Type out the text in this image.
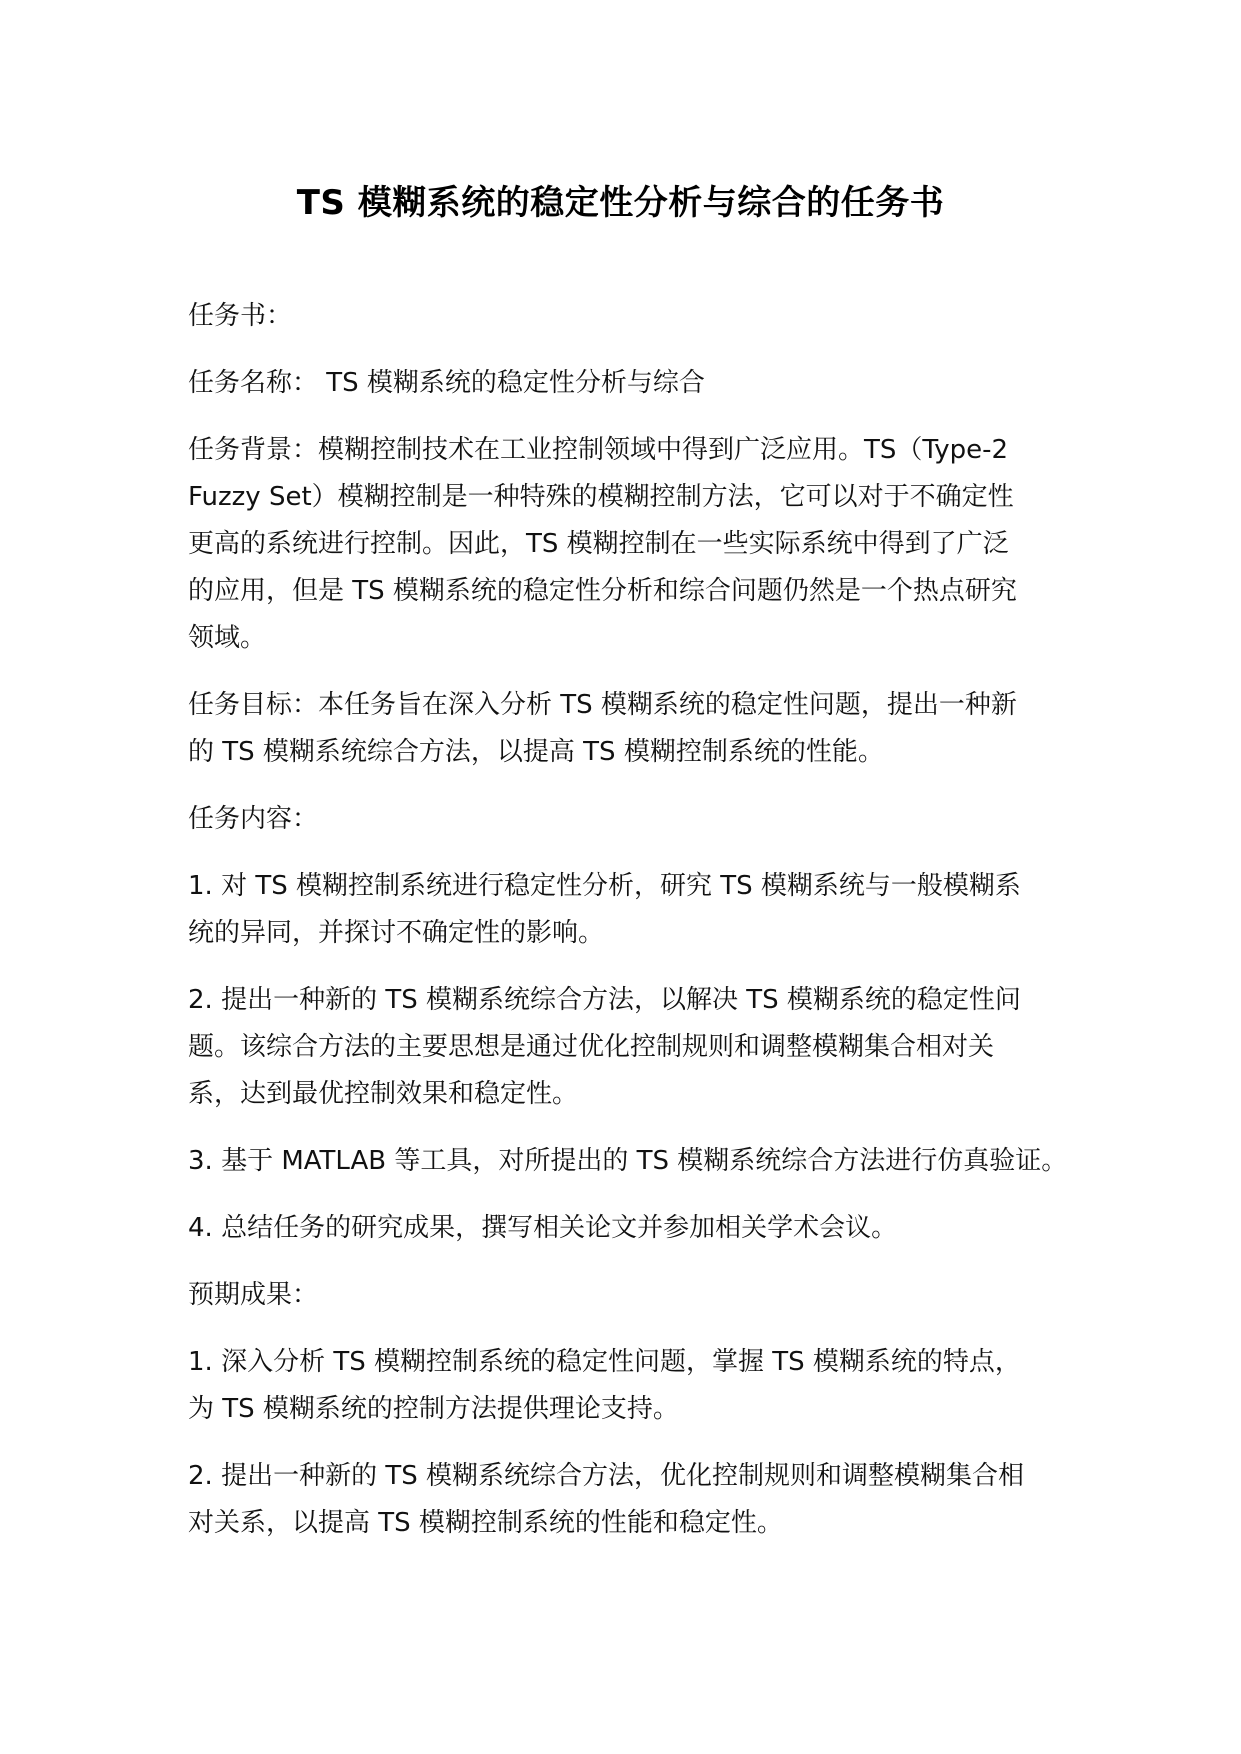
TS 模糊系统的稳定性分析与综合的任务书
任务书：
任务名称： TS 模糊系统的稳定性分析与综合
任务背景：模糊控制技术在工业控制领域中得到广泛应用。TS（Type-2
Fuzzy Set）模糊控制是一种特殊的模糊控制方法，它可以对于不确定性
更高的系统进行控制。因此，TS 模糊控制在一些实际系统中得到了广泛
的应用，但是 TS 模糊系统的稳定性分析和综合问题仍然是一个热点研究
领域。
任务目标：本任务旨在深入分析 TS 模糊系统的稳定性问题，提出一种新
的 TS 模糊系统综合方法，以提高 TS 模糊控制系统的性能。
任务内容：
1. 对 TS 模糊控制系统进行稳定性分析，研究 TS 模糊系统与一般模糊系
统的异同，并探讨不确定性的影响。
2. 提出一种新的 TS 模糊系统综合方法，以解决 TS 模糊系统的稳定性问
题。该综合方法的主要思想是通过优化控制规则和调整模糊集合相对关
系，达到最优控制效果和稳定性。
3. 基于 MATLAB 等工具，对所提出的 TS 模糊系统综合方法进行仿真验证。
4. 总结任务的研究成果，撰写相关论文并参加相关学术会议。
预期成果：
1. 深入分析 TS 模糊控制系统的稳定性问题，掌握 TS 模糊系统的特点，
为 TS 模糊系统的控制方法提供理论支持。
2. 提出一种新的 TS 模糊系统综合方法，优化控制规则和调整模糊集合相
对关系，以提高 TS 模糊控制系统的性能和稳定性。
